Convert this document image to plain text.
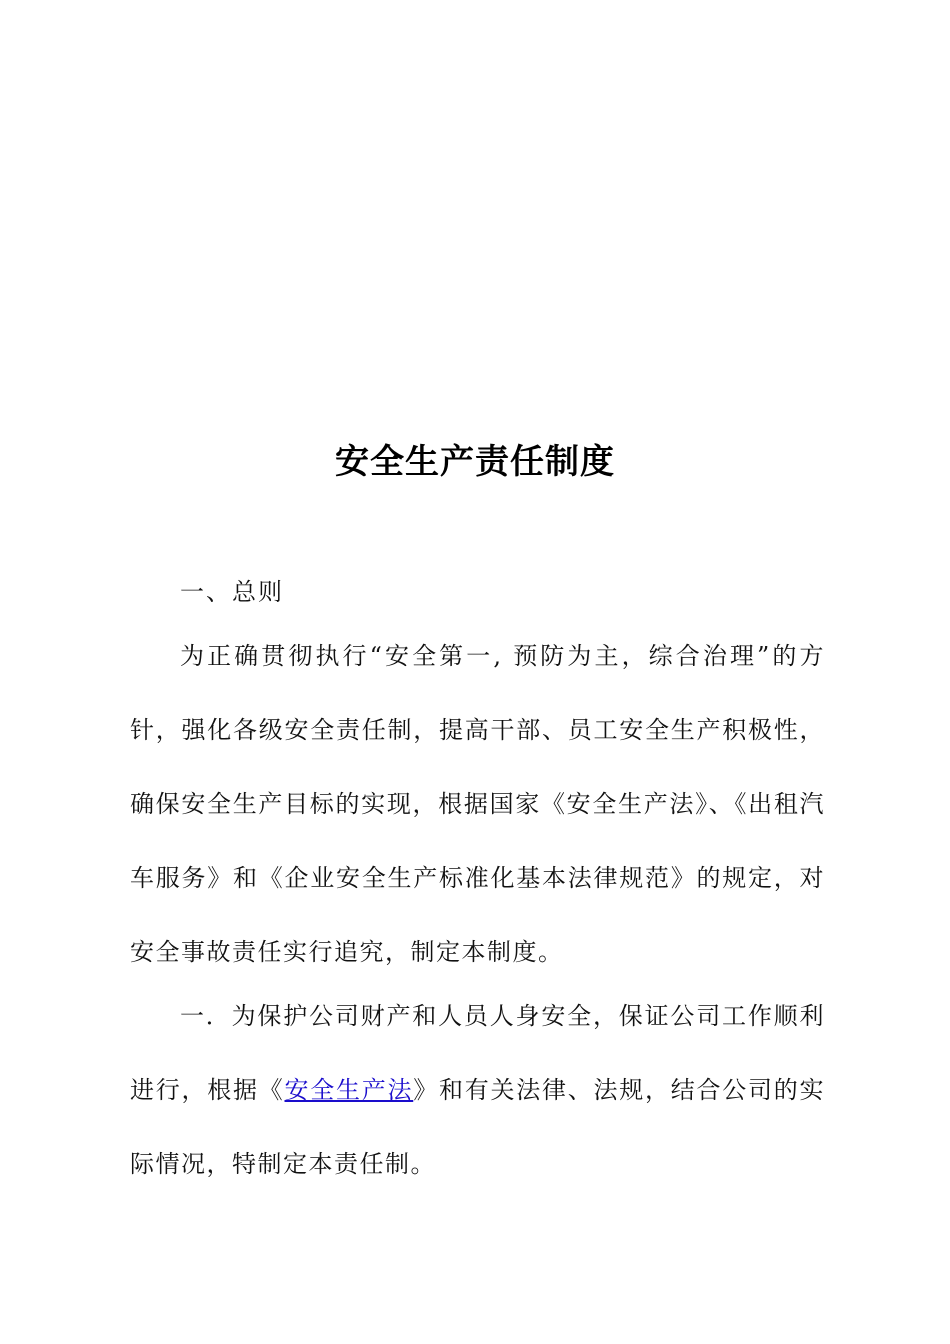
安全生产责任制度
一、总则

为正确贯彻执行“安全第一, 预防为主，综合治理”的方针，强化各级安全责任制，提高干部、员工安全生产积极性，确保安全生产目标的实现，根据国家《安全生产法》、《出租汽车服务》和《企业安全生产标准化基本法律规范》的规定，对安全事故责任实行追究，制定本制度。

一．为保护公司财产和人员人身安全，保证公司工作顺利进行，根据《安全生产法》和有关法律、法规，结合公司的实际情况，特制定本责任制。
